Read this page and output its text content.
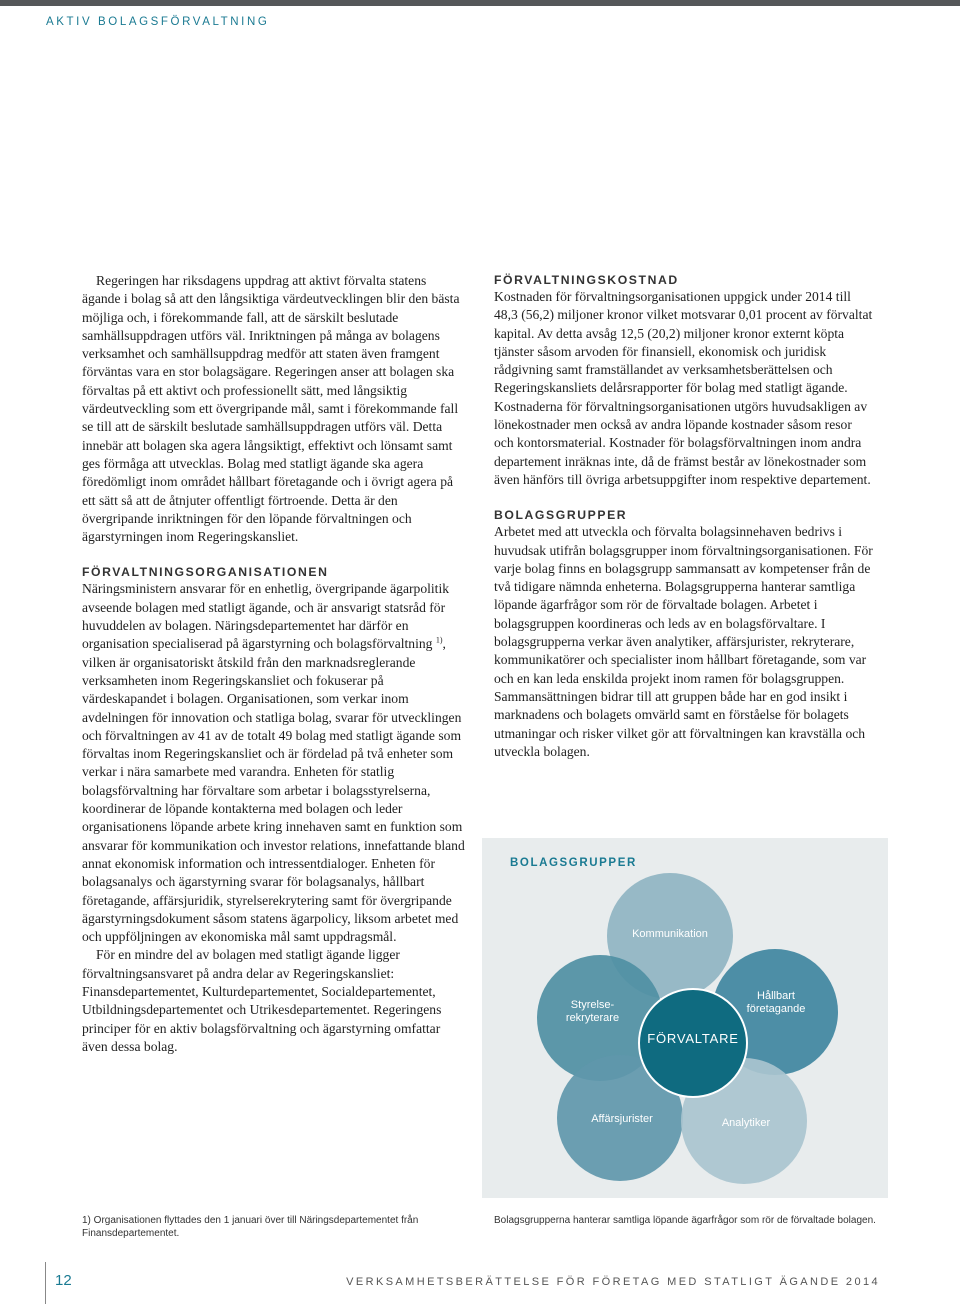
AKTIV BOLAGSFÖRVALTNING

Regeringen har riksdagens uppdrag att aktivt förvalta statens ägande i bolag så att den långsiktiga värdeutvecklingen blir den bästa möjliga och, i förekommande fall, att de särskilt beslutade samhällsuppdragen utförs väl. Inriktningen på många av bolagens verksamhet och samhällsuppdrag medför att staten även framgent förväntas vara en stor bolagsägare. Regeringen anser att bolagen ska förvaltas på ett aktivt och professionellt sätt, med långsiktig värdeutveckling som ett övergripande mål, samt i förekommande fall se till att de särskilt beslutade samhällsuppdragen utförs väl. Detta innebär att bolagen ska agera långsiktigt, effektivt och lönsamt samt ges förmåga att utvecklas. Bolag med statligt ägande ska agera föredömligt inom området hållbart företagande och i övrigt agera på ett sätt så att de åtnjuter offentligt förtroende. Detta är den övergripande inriktningen för den löpande förvaltningen och ägarstyrningen inom Regeringskansliet.

FÖRVALTNINGSORGANISATIONEN

Näringsministern ansvarar för en enhetlig, övergripande ägarpolitik avseende bolagen med statligt ägande, och är ansvarigt statsråd för huvuddelen av bolagen. Näringsdepartementet har därför en organisation specialiserad på ägarstyrning och bolagsförvaltning $^{1)}$, vilken är organisatoriskt åtskild från den marknadsreglerande verksamheten inom Regeringskansliet och fokuserar på värdeskapandet i bolagen. Organisationen, som verkar inom avdelningen för innovation och statliga bolag, svarar för utvecklingen och förvaltningen av 41 av de totalt 49 bolag med statligt ägande som förvaltas inom Regeringskansliet och är fördelad på två enheter som verkar i nära samarbete med varandra. Enheten för statlig bolagsförvaltning har förvaltare som arbetar i bolagsstyrelserna, koordinerar de löpande kontakterna med bolagen och leder organisationens löpande arbete kring innehaven samt en funktion som ansvarar för kommunikation och investor relations, innefattande bland annat ekonomisk information och intressentdialoger. Enheten för bolagsanalys och ägarstyrning svarar för bolagsanalys, hållbart företagande, affärsjuridik, styrelserekrytering samt för övergripande ägarstyrningsdokument såsom statens ägarpolicy, liksom arbetet med och uppföljningen av ekonomiska mål samt uppdragsmål.

För en mindre del av bolagen med statligt ägande ligger förvaltningsansvaret på andra delar av Regeringskansliet: Finansdepartementet, Kulturdepartementet, Socialdepartementet, Utbildningsdepartementet och Utrikesdepartementet. Regeringens principer för en aktiv bolagsförvaltning och ägarstyrning omfattar även dessa bolag.

FÖRVALTNINGSKOSTNAD

Kostnaden för förvaltningsorganisationen uppgick under 2014 till 48,3 (56,2) miljoner kronor vilket motsvarar 0,01 procent av förvaltat kapital. Av detta avsåg 12,5 (20,2) miljoner kronor externt köpta tjänster såsom arvoden för finansiell, ekonomisk och juridisk rådgivning samt framställandet av verksamhetsberättelsen och Regeringskansliets delårsrapporter för bolag med statligt ägande. Kostnaderna för förvaltningsorganisationen utgörs huvudsakligen av lönekostnader men också av andra löpande kostnader såsom resor och kontorsmaterial. Kostnader för bolagsförvaltningen inom andra departement inräknas inte, då de främst består av lönekostnader som även hänförs till övriga arbetsuppgifter inom respektive departement.

BOLAGSGRUPPER

Arbetet med att utveckla och förvalta bolagsinnehaven bedrivs i huvudsak utifrån bolagsgrupper inom förvaltningsorganisationen. För varje bolag finns en bolagsgrupp sammansatt av kompetenser från de två tidigare nämnda enheterna. Bolagsgrupperna hanterar samtliga löpande ägarfrågor som rör de förvaltade bolagen. Arbetet i bolagsgruppen koordineras och leds av en bolagsförvaltare. I bolagsgrupperna verkar även analytiker, affärsjurister, rekryterare, kommunikatörer och specialister inom hållbart företagande, som var och en kan leda enskilda projekt inom ramen för bolagsgruppen. Sammansättningen bidrar till att gruppen både har en god insikt i marknadens och bolagets omvärld samt en förståelse för bolagets utmaningar och risker vilket gör att förvaltningen kan kravställa och utveckla bolagen.

BOLAGSGRUPPER
Kommunikation
Styrelse-
rekryterare
Hållbart
företagande
FÖRVALTARE
Affärsjurister	Analytiker
1) Organisationen flyttades den 1 januari över till Näringsdepartementet från Finansdepartementet.
Bolagsgrupperna hanterar samtliga löpande ägarfrågor som rör de förvaltade bolagen.
12	VERKSAMHETSBERÄTTELSE FÖR FÖRETAG MED STATLIGT ÄGANDE 2014
